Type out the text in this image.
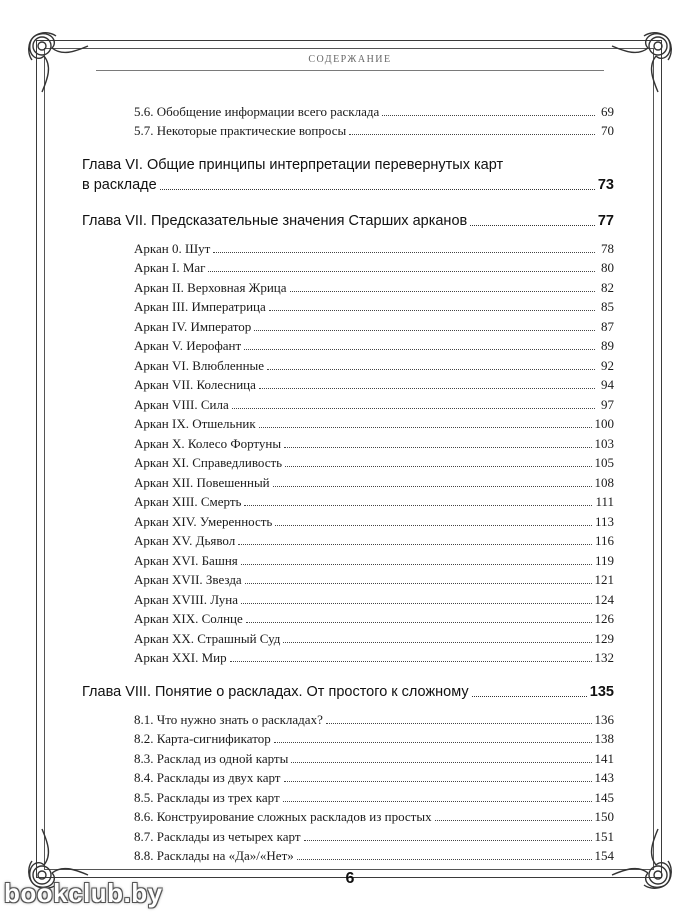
СОДЕРЖАНИЕ
5.6. Обобщение информации всего расклада	69
5.7. Некоторые практические вопросы	70
Глава VI. Общие принципы интерпретации перевернутых карт
в раскладе	73
Глава VII. Предсказательные значения Старших арканов	77
Аркан 0. Шут	78
Аркан I. Маг	80
Аркан II. Верховная Жрица	82
Аркан III. Императрица	85
Аркан IV. Император	87
Аркан V. Иерофант	89
Аркан VI. Влюбленные	92
Аркан VII. Колесница	94
Аркан VIII. Сила	97
Аркан IX. Отшельник	100
Аркан X. Колесо Фортуны	103
Аркан XI. Справедливость	105
Аркан XII. Повешенный	108
Аркан XIII. Смерть	111
Аркан XIV. Умеренность	113
Аркан XV. Дьявол	116
Аркан XVI. Башня	119
Аркан XVII. Звезда	121
Аркан XVIII. Луна	124
Аркан XIX. Солнце	126
Аркан XX. Страшный Суд	129
Аркан XXI. Мир	132
Глава VIII. Понятие о раскладах. От простого к сложному	135
8.1. Что нужно знать о раскладах?	136
8.2. Карта-сигнификатор	138
8.3. Расклад из одной карты	141
8.4. Расклады из двух карт	143
8.5. Расклады из трех карт	145
8.6. Конструирование сложных раскладов из простых	150
8.7. Расклады из четырех карт	151
8.8. Расклады на «Да»/«Нет»	154
6
bookclub.by
